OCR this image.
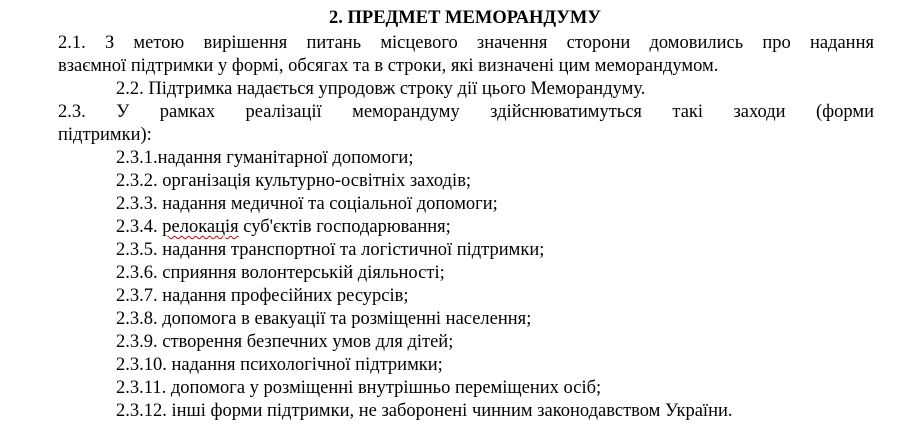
2. ПРЕДМЕТ МЕМОРАНДУМУ
2.1. З метою вирішення питань місцевого значення сторони домовились про надання
взаємної підтримки у формі, обсягах та в строки, які визначені цим меморандумом.
2.2. Підтримка надається упродовж строку дії цього Меморандуму.
2.3. У рамках реалізації меморандуму здійснюватимуться такі заходи (форми
підтримки):
2.3.1.надання гуманітарної допомоги;
2.3.2. організація культурно-освітніх заходів;
2.3.3. надання медичної та соціальної допомоги;
2.3.4. релокація суб'єктів господарювання;
2.3.5. надання транспортної та логістичної підтримки;
2.3.6. сприяння волонтерській діяльності;
2.3.7. надання професійних ресурсів;
2.3.8. допомога в евакуації та розміщенні населення;
2.3.9. створення безпечних умов для дітей;
2.3.10. надання психологічної підтримки;
2.3.11. допомога у розміщенні внутрішньо переміщених осіб;
2.3.12. інші форми підтримки, не заборонені чинним законодавством України.
